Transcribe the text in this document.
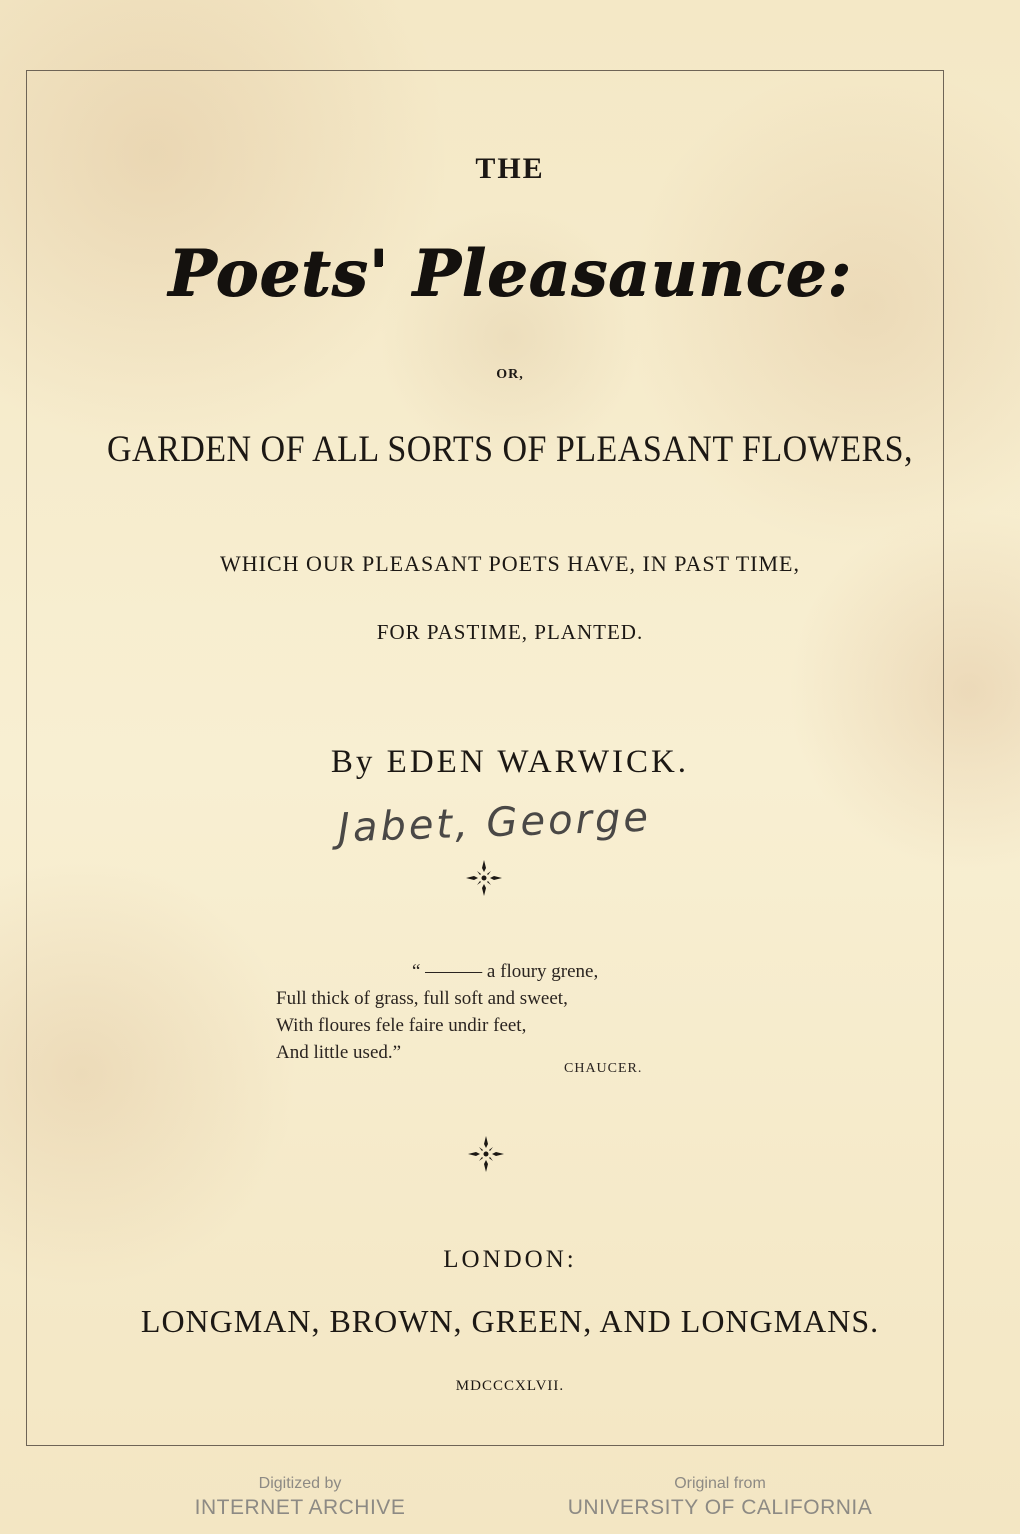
THE
Poets' Pleasaunce:
OR,
GARDEN OF ALL SORTS OF PLEASANT FLOWERS,
WHICH OUR PLEASANT POETS HAVE, IN PAST TIME,
FOR PASTIME, PLANTED.
By EDEN WARWICK.
Jabet, George
“ ——— a floury grene,
Full thick of grass, full soft and sweet,
With floures fele faire undir feet,
And little used.”
CHAUCER.
LONDON:
LONGMAN, BROWN, GREEN, AND LONGMANS.
MDCCCXLVII.
Digitized by
INTERNET ARCHIVE
Original from
UNIVERSITY OF CALIFORNIA
